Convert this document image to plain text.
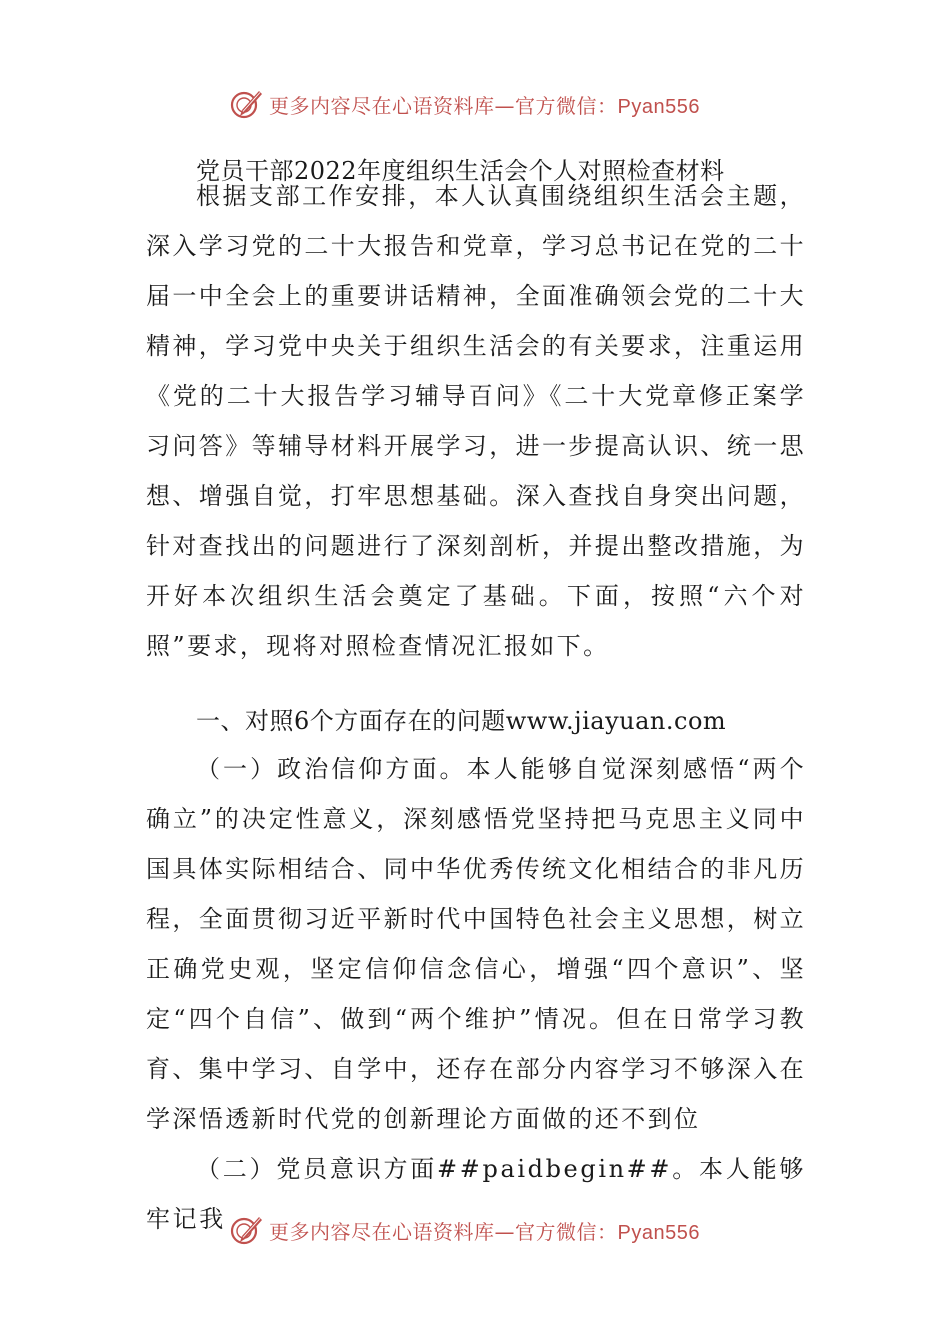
更多内容尽在心语资料库—官方微信：Pyan556
党员干部2022年度组织生活会个人对照检查材料

根据支部工作安排，本人认真围绕组织生活会主题，深入学习党的二十大报告和党章，学习总书记在党的二十届一中全会上的重要讲话精神，全面准确领会党的二十大精神，学习党中央关于组织生活会的有关要求，注重运用《党的二十大报告学习辅导百问》《二十大党章修正案学习问答》等辅导材料开展学习，进一步提高认识、统一思想、增强自觉，打牢思想基础。深入查找自身突出问题，针对查找出的问题进行了深刻剖析，并提出整改措施，为开好本次组织生活会奠定了基础。下面，按照“六个对照”要求，现将对照检查情况汇报如下。

一、对照6个方面存在的问题www.jiayuan.com

（一）政治信仰方面。本人能够自觉深刻感悟“两个确立”的决定性意义，深刻感悟党坚持把马克思主义同中国具体实际相结合、同中华优秀传统文化相结合的非凡历程，全面贯彻习近平新时代中国特色社会主义思想，树立正确党史观，坚定信仰信念信心，增强“四个意识”、坚定“四个自信”、做到“两个维护”情况。但在日常学习教育、集中学习、自学中，还存在部分内容学习不够深入在学深悟透新时代党的创新理论方面做的还不到位

（二）党员意识方面##paidbegin##。本人能够牢记我	更多内容尽在心语资料库—官方微信：Pyan556
